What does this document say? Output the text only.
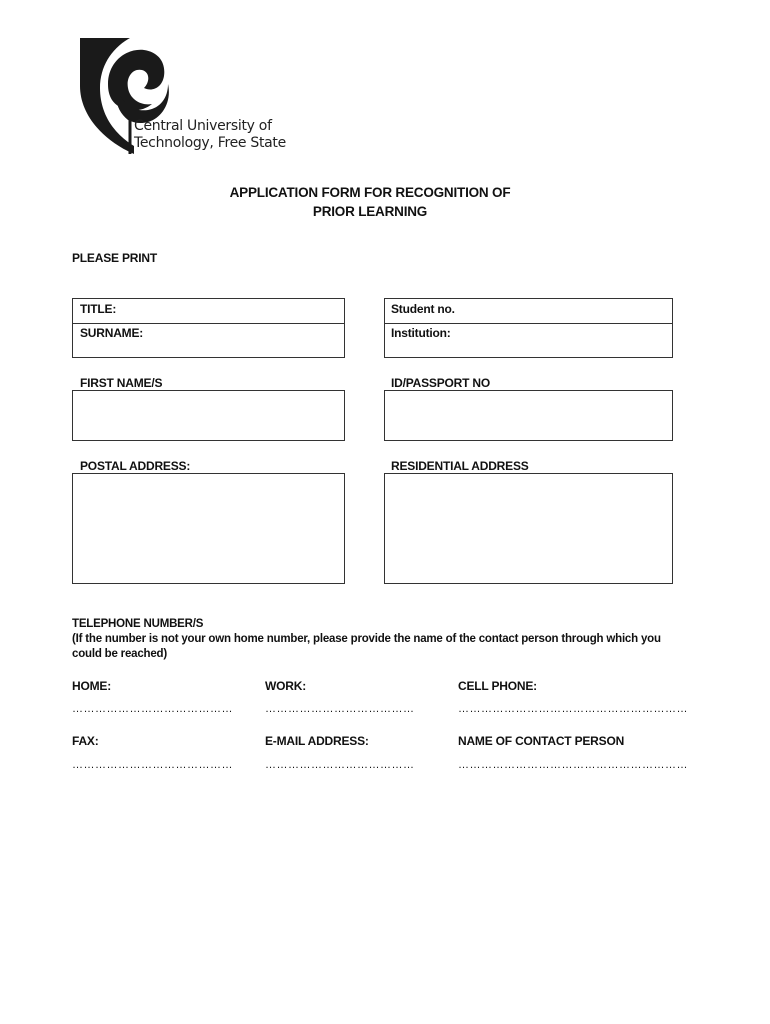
Central University of
Technology, Free State
APPLICATION FORM FOR RECOGNITION OF
PRIOR LEARNING
PLEASE PRINT
TITLE:
SURNAME:
Student no.
Institution:
FIRST NAME/S	ID/PASSPORT NO
POSTAL ADDRESS:	RESIDENTIAL ADDRESS
TELEPHONE NUMBER/S
(If the number is not your own home number, please provide the name of the contact person through which you could be reached)
HOME:	WORK:	CELL PHONE:
……………………………………	…………………………………	……………………………………………………
FAX:	E-MAIL ADDRESS:	NAME OF CONTACT PERSON
……………………………………	…………………………………	……………………………………………………
